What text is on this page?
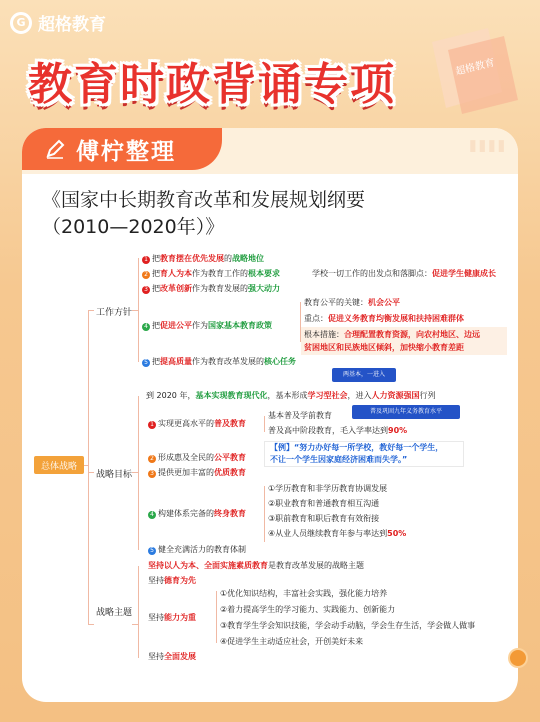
G 超格教育
教育时政背诵专项	超格教育
傅柠整理	""
《国家中长期教育改革和发展规划纲要（2010—2020年）》
总体战略
工作方针
战略目标
战略主题
1 把教育摆在优先发展的战略地位
2 把育人为本作为教育工作的根本要求	学校一切工作的出发点和落脚点：促进学生健康成长
3 把改革创新作为教育发展的强大动力
4 把促进公平作为国家基本教育政策
教育公平的关键：机会公平
重点：促进义务教育均衡发展和扶持困难群体
根本措施：合理配置教育资源，向农村地区、边远
贫困地区和民族地区倾斜，加快缩小教育差距
5 把提高质量作为教育改革发展的核心任务
两基本，一进入
到 2020 年，基本实现教育现代化，基本形成学习型社会，进入人力资源强国行列
1 实现更高水平的普及教育
基本普及学前教育	普及巩固九年义务教育水平
普及高中阶段教育，毛入学率达到90%
2 形成惠及全民的公平教育
【例】“努力办好每一所学校，教好每一个学生，
不让一个学生因家庭经济困难而失学。”
3 提供更加丰富的优质教育
4 构建体系完备的终身教育
①学历教育和非学历教育协调发展
②职业教育和普通教育相互沟通
③职前教育和职后教育有效衔接
④从业人员继续教育年参与率达到50%
5 健全充满活力的教育体制
坚持以人为本、全面实施素质教育是教育改革发展的战略主题
坚持德育为先
坚持能力为重
①优化知识结构，丰富社会实践，强化能力培养
②着力提高学生的学习能力、实践能力、创新能力
③教育学生学会知识技能，学会动手动脑，学会生存生活，学会做人做事
④促进学生主动适应社会，开创美好未来
坚持全面发展
